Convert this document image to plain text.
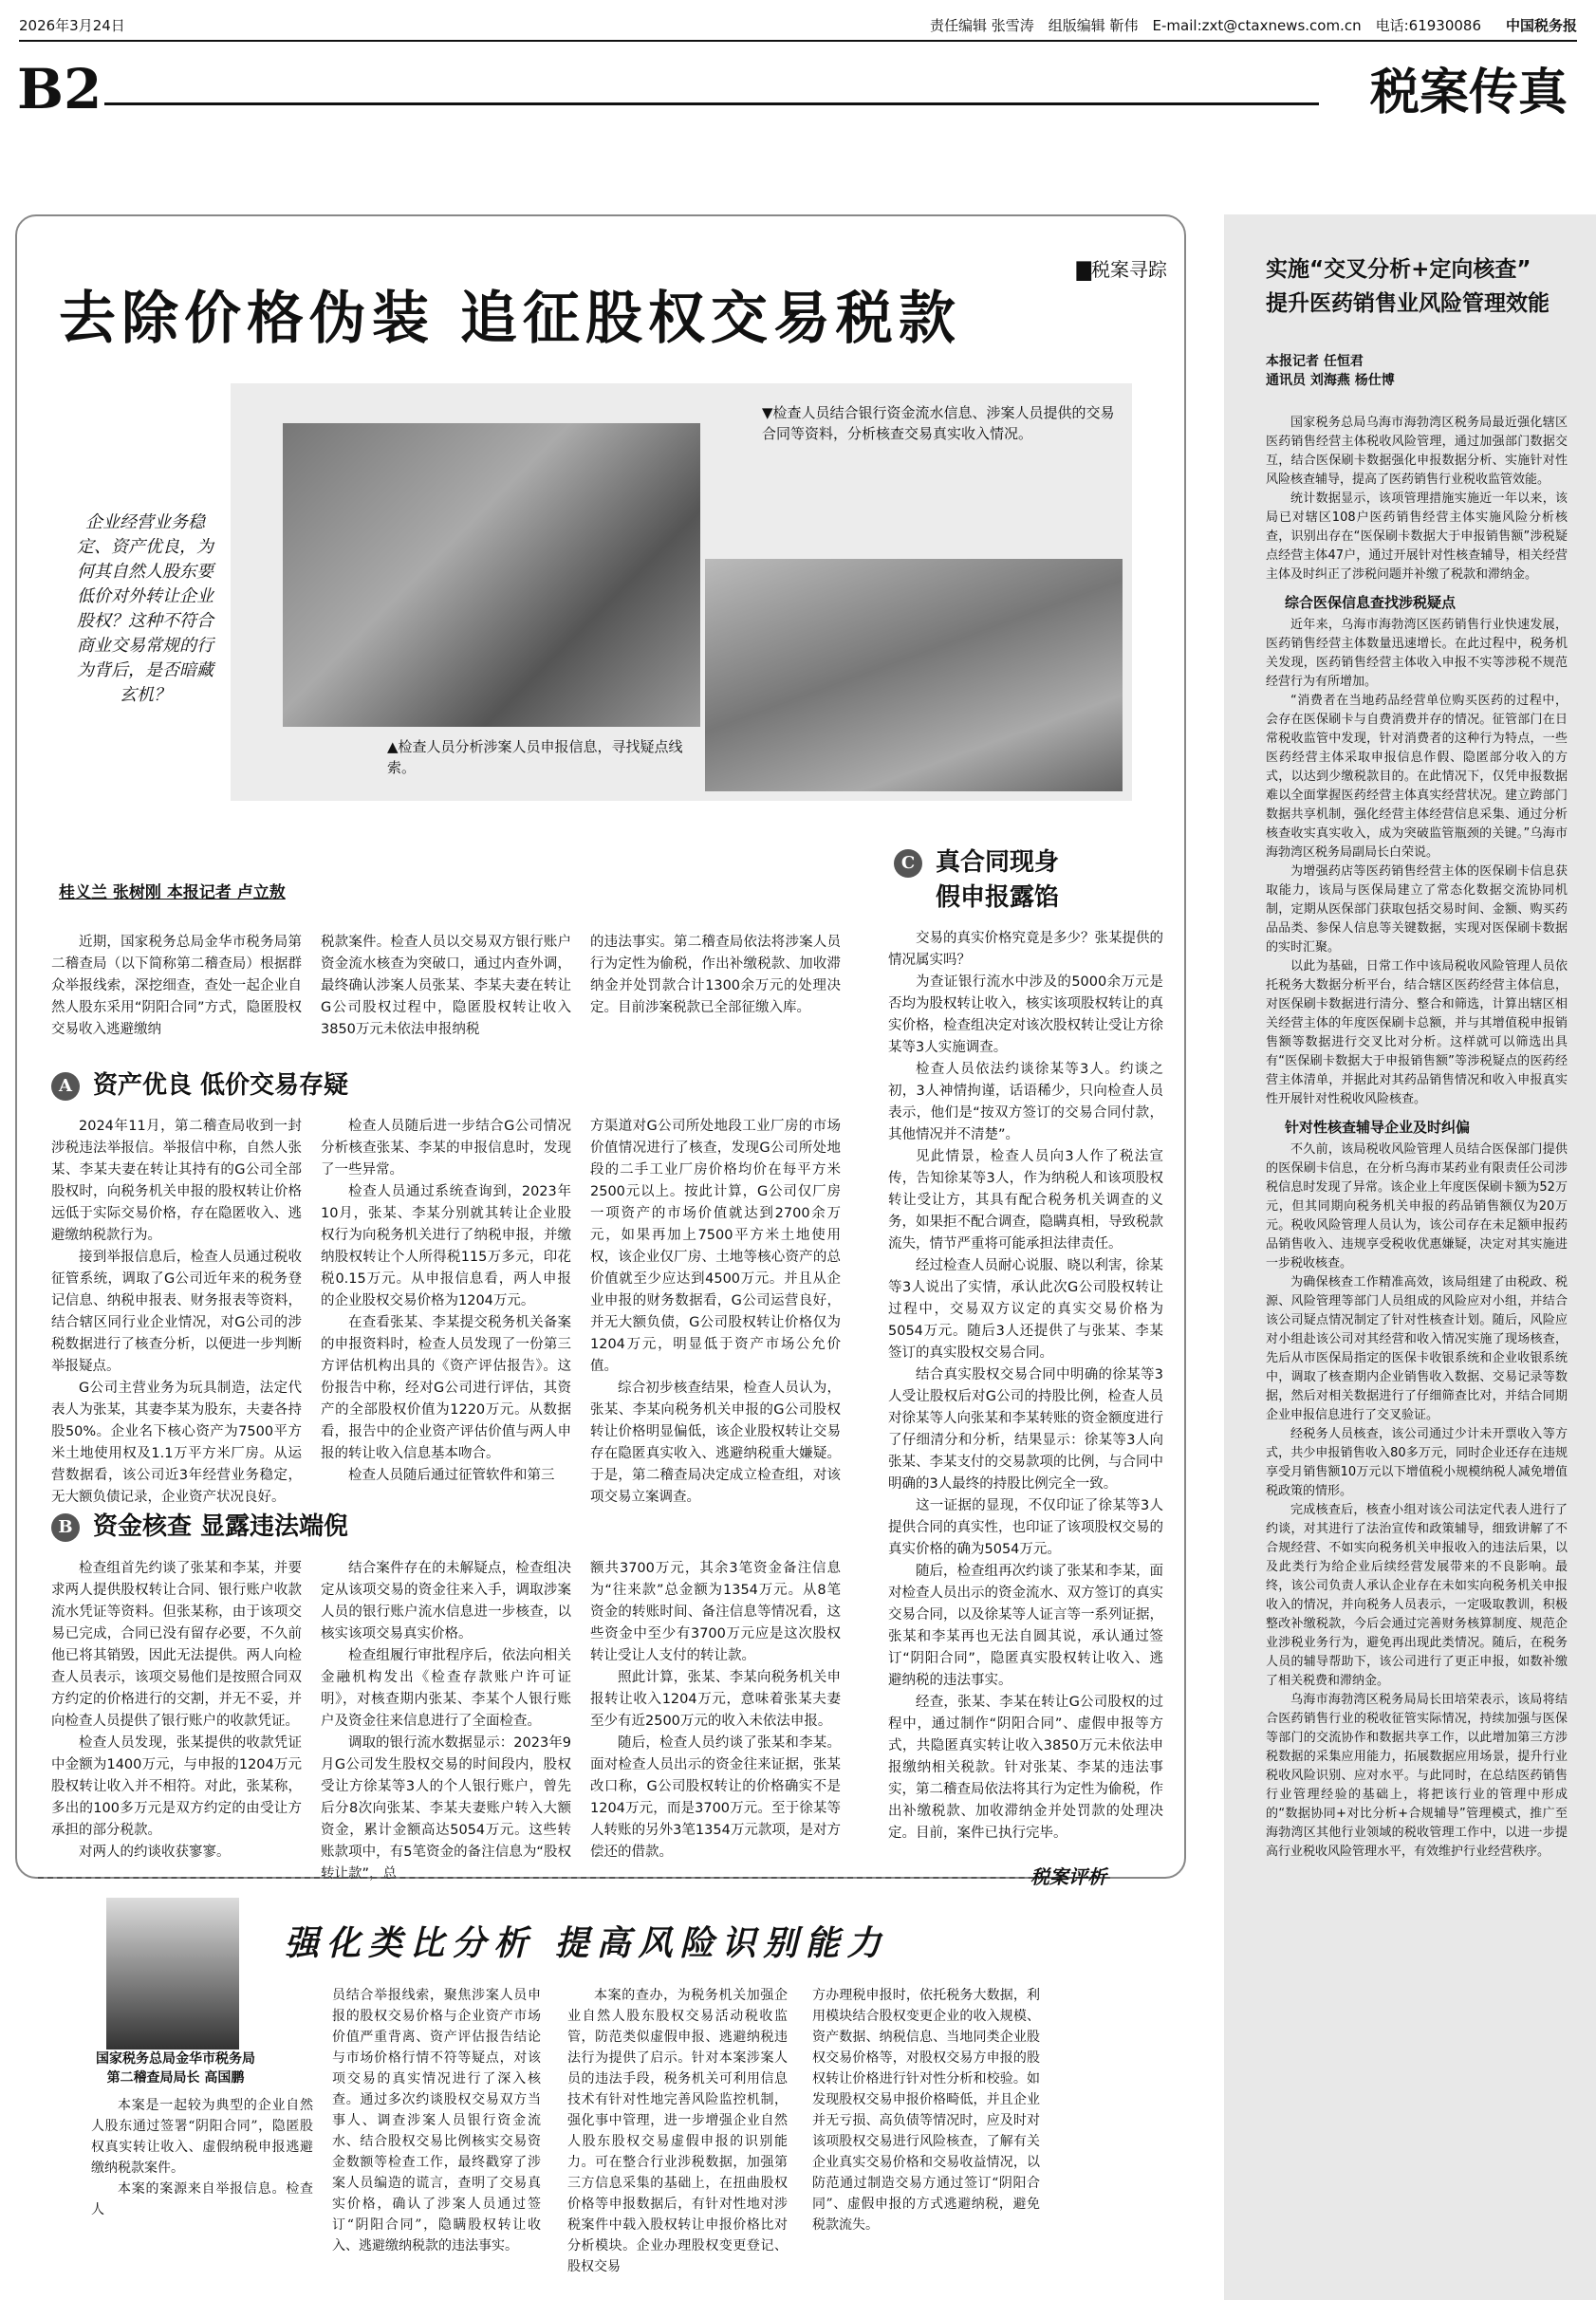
2026年3月24日	责任编辑 张雪涛　组版编辑 靳伟　E-mail:zxt@ctaxnews.com.cn　电话:61930086 中国税务报
B2	税案传真
▇税案寻踪
去除价格伪装 追征股权交易税款
▼检查人员结合银行资金流水信息、涉案人员提供的交易合同等资料，分析核查交易真实收入情况。
▲检查人员分析涉案人员申报信息，寻找疑点线索。
企业经营业务稳定、资产优良，为何其自然人股东要低价对外转让企业股权？这种不符合商业交易常规的行为背后，是否暗藏玄机？
桂义兰 张树刚 本报记者 卢立敖

近期，国家税务总局金华市税务局第二稽查局（以下简称第二稽查局）根据群众举报线索，深挖细查，查处一起企业自然人股东采用“阴阳合同”方式，隐匿股权交易收入逃避缴纳

税款案件。检查人员以交易双方银行账户资金流水核查为突破口，通过内查外调，最终确认涉案人员张某、李某夫妻在转让G公司股权过程中，隐匿股权转让收入3850万元未依法申报纳税

的违法事实。第二稽查局依法将涉案人员行为定性为偷税，作出补缴税款、加收滞纳金并处罚款合计1300余万元的处理决定。目前涉案税款已全部征缴入库。

A 资产优良 低价交易存疑

2024年11月，第二稽查局收到一封涉税违法举报信。举报信中称，自然人张某、李某夫妻在转让其持有的G公司全部股权时，向税务机关申报的股权转让价格远低于实际交易价格，存在隐匿收入、逃避缴纳税款行为。

接到举报信息后，检查人员通过税收征管系统，调取了G公司近年来的税务登记信息、纳税申报表、财务报表等资料，结合辖区同行业企业情况，对G公司的涉税数据进行了核查分析，以便进一步判断举报疑点。

G公司主营业务为玩具制造，法定代表人为张某，其妻李某为股东，夫妻各持股50%。企业名下核心资产为7500平方米土地使用权及1.1万平方米厂房。从运营数据看，该公司近3年经营业务稳定，无大额负债记录，企业资产状况良好。

检查人员随后进一步结合G公司情况分析核查张某、李某的申报信息时，发现了一些异常。

检查人员通过系统查询到，2023年10月，张某、李某分别就其转让企业股权行为向税务机关进行了纳税申报，并缴纳股权转让个人所得税115万多元，印花税0.15万元。从申报信息看，两人申报的企业股权交易价格为1204万元。

在查看张某、李某提交税务机关备案的申报资料时，检查人员发现了一份第三方评估机构出具的《资产评估报告》。这份报告中称，经对G公司进行评估，其资产的全部股权价值为1220万元。从数据看，报告中的企业资产评估价值与两人申报的转让收入信息基本吻合。

检查人员随后通过征管软件和第三

方渠道对G公司所处地段工业厂房的市场价值情况进行了核查，发现G公司所处地段的二手工业厂房价格均价在每平方米2500元以上。按此计算，G公司仅厂房一项资产的市场价值就达到2700余万元，如果再加上7500平方米土地使用权，该企业仅厂房、土地等核心资产的总价值就至少应达到4500万元。并且从企业申报的财务数据看，G公司运营良好，并无大额负债，G公司股权转让价格仅为1204万元，明显低于资产市场公允价值。

综合初步核查结果，检查人员认为，张某、李某向税务机关申报的G公司股权转让价格明显偏低，该企业股权转让交易存在隐匿真实收入、逃避纳税重大嫌疑。于是，第二稽查局决定成立检查组，对该项交易立案调查。

B 资金核查 显露违法端倪

检查组首先约谈了张某和李某，并要求两人提供股权转让合同、银行账户收款流水凭证等资料。但张某称，由于该项交易已完成，合同已没有留存必要，不久前他已将其销毁，因此无法提供。两人向检查人员表示，该项交易他们是按照合同双方约定的价格进行的交割，并无不妥，并向检查人员提供了银行账户的收款凭证。

检查人员发现，张某提供的收款凭证中金额为1400万元，与申报的1204万元股权转让收入并不相符。对此，张某称，多出的100多万元是双方约定的由受让方承担的部分税款。

对两人的约谈收获寥寥。

结合案件存在的未解疑点，检查组决定从该项交易的资金往来入手，调取涉案人员的银行账户流水信息进一步核查，以核实该项交易真实价格。

检查组履行审批程序后，依法向相关金融机构发出《检查存款账户许可证明》，对核查期内张某、李某个人银行账户及资金往来信息进行了全面检查。

调取的银行流水数据显示：2023年9月G公司发生股权交易的时间段内，股权受让方徐某等3人的个人银行账户，曾先后分8次向张某、李某夫妻账户转入大额资金，累计金额高达5054万元。这些转账款项中，有5笔资金的备注信息为“股权转让款”，总

额共3700万元，其余3笔资金备注信息为“往来款”总金额为1354万元。从8笔资金的转账时间、备注信息等情况看，这些资金中至少有3700万元应是这次股权转让受让人支付的转让款。

照此计算，张某、李某向税务机关申报转让收入1204万元，意味着张某夫妻至少有近2500万元的收入未依法申报。

随后，检查人员约谈了张某和李某。面对检查人员出示的资金往来证据，张某改口称，G公司股权转让的价格确实不是1204万元，而是3700万元。至于徐某等人转账的另外3笔1354万元款项，是对方偿还的借款。

C 真合同现身
假申报露馅

交易的真实价格究竟是多少？张某提供的情况属实吗？

为查证银行流水中涉及的5000余万元是否均为股权转让收入，核实该项股权转让的真实价格，检查组决定对该次股权转让受让方徐某等3人实施调查。

检查人员依法约谈徐某等3人。约谈之初，3人神情拘谨，话语稀少，只向检查人员表示，他们是“按双方签订的交易合同付款，其他情况并不清楚”。

见此情景，检查人员向3人作了税法宣传，告知徐某等3人，作为纳税人和该项股权转让受让方，其具有配合税务机关调查的义务，如果拒不配合调查，隐瞒真相，导致税款流失，情节严重将可能承担法律责任。

经过检查人员耐心说服、晓以利害，徐某等3人说出了实情，承认此次G公司股权转让过程中，交易双方议定的真实交易价格为5054万元。随后3人还提供了与张某、李某签订的真实股权交易合同。

结合真实股权交易合同中明确的徐某等3人受让股权后对G公司的持股比例，检查人员对徐某等人向张某和李某转账的资金额度进行了仔细清分和分析，结果显示：徐某等3人向张某、李某支付的交易款项的比例，与合同中明确的3人最终的持股比例完全一致。

这一证据的显现，不仅印证了徐某等3人提供合同的真实性，也印证了该项股权交易的真实价格的确为5054万元。

随后，检查组再次约谈了张某和李某，面对检查人员出示的资金流水、双方签订的真实交易合同，以及徐某等人证言等一系列证据，张某和李某再也无法自圆其说，承认通过签订“阴阳合同”，隐匿真实股权转让收入、逃避纳税的违法事实。

经查，张某、李某在转让G公司股权的过程中，通过制作“阴阳合同”、虚假申报等方式，共隐匿真实转让收入3850万元未依法申报缴纳相关税款。针对张某、李某的违法事实，第二稽查局依法将其行为定性为偷税，作出补缴税款、加收滞纳金并处罚款的处理决定。目前，案件已执行完毕。

税案评析
强化类比分析 提高风险识别能力
国家税务总局金华市税务局第二稽查局局长 高国鹏

本案是一起较为典型的企业自然人股东通过签署“阴阳合同”，隐匿股权真实转让收入、虚假纳税申报逃避缴纳税款案件。

本案的案源来自举报信息。检查人

员结合举报线索，聚焦涉案人员申报的股权交易价格与企业资产市场价值严重背离、资产评估报告结论与市场价格行情不符等疑点，对该项交易的真实情况进行了深入核查。通过多次约谈股权交易双方当事人、调查涉案人员银行资金流水、结合股权交易比例核实交易资金数额等检查工作，最终戳穿了涉案人员编造的谎言，查明了交易真实价格，确认了涉案人员通过签订“阴阳合同”，隐瞒股权转让收入、逃避缴纳税款的违法事实。

本案的查办，为税务机关加强企业自然人股东股权交易活动税收监管，防范类似虚假申报、逃避纳税违法行为提供了启示。针对本案涉案人员的违法手段，税务机关可利用信息技术有针对性地完善风险监控机制，强化事中管理，进一步增强企业自然人股东股权交易虚假申报的识别能力。可在整合行业涉税数据，加强第三方信息采集的基础上，在扭曲股权价格等申报数据后，有针对性地对涉税案件中载入股权转让申报价格比对分析模块。企业办理股权变更登记、股权交易

方办理税申报时，依托税务大数据，利用模块结合股权变更企业的收入规模、资产数据、纳税信息、当地同类企业股权交易价格等，对股权交易方申报的股权转让价格进行针对性分析和校验。如发现股权交易申报价格畸低，并且企业并无亏损、高负债等情况时，应及时对该项股权交易进行风险核查，了解有关企业真实交易价格和交易收益情况，以防范通过制造交易方通过签订“阴阳合同”、虚假申报的方式逃避纳税，避免税款流失。

实施“交叉分析+定向核查”
提升医药销售业风险管理效能
本报记者 任恒君
通讯员 刘海燕 杨仕博

国家税务总局乌海市海勃湾区税务局最近强化辖区医药销售经营主体税收风险管理，通过加强部门数据交互，结合医保刷卡数据强化申报数据分析、实施针对性风险核查辅导，提高了医药销售行业税收监管效能。

统计数据显示，该项管理措施实施近一年以来，该局已对辖区108户医药销售经营主体实施风险分析核查，识别出存在“医保刷卡数据大于申报销售额”涉税疑点经营主体47户，通过开展针对性核查辅导，相关经营主体及时纠正了涉税问题并补缴了税款和滞纳金。

综合医保信息查找涉税疑点

近年来，乌海市海勃湾区医药销售行业快速发展，医药销售经营主体数量迅速增长。在此过程中，税务机关发现，医药销售经营主体收入申报不实等涉税不规范经营行为有所增加。

“消费者在当地药品经营单位购买医药的过程中，会存在医保刷卡与自费消费并存的情况。征管部门在日常税收监管中发现，针对消费者的这种行为特点，一些医药经营主体采取申报信息作假、隐匿部分收入的方式，以达到少缴税款目的。在此情况下，仅凭申报数据难以全面掌握医药经营主体真实经营状况。建立跨部门数据共享机制，强化经营主体经营信息采集、通过分析核查收实真实收入，成为突破监管瓶颈的关键。”乌海市海勃湾区税务局副局长白荣说。

为增强药店等医药销售经营主体的医保刷卡信息获取能力，该局与医保局建立了常态化数据交流协同机制，定期从医保部门获取包括交易时间、金额、购买药品品类、参保人信息等关键数据，实现对医保刷卡数据的实时汇聚。

以此为基础，日常工作中该局税收风险管理人员依托税务大数据分析平台，结合辖区医药经营主体信息，对医保刷卡数据进行清分、整合和筛选，计算出辖区相关经营主体的年度医保刷卡总额，并与其增值税申报销售额等数据进行交叉比对分析。这样就可以筛选出具有“医保刷卡数据大于申报销售额”等涉税疑点的医药经营主体清单，并据此对其药品销售情况和收入申报真实性开展针对性税收风险核查。

针对性核查辅导企业及时纠偏

不久前，该局税收风险管理人员结合医保部门提供的医保刷卡信息，在分析乌海市某药业有限责任公司涉税信息时发现了异常。该企业上年度医保刷卡额为52万元，但其同期向税务机关申报的药品销售额仅为20万元。税收风险管理人员认为，该公司存在未足额申报药品销售收入、违规享受税收优惠嫌疑，决定对其实施进一步税收核查。

为确保核查工作精准高效，该局组建了由税政、税源、风险管理等部门人员组成的风险应对小组，并结合该公司疑点情况制定了针对性核查计划。随后，风险应对小组赴该公司对其经营和收入情况实施了现场核查，先后从市医保局指定的医保卡收银系统和企业收银系统中，调取了核查期内企业销售收入数据、交易记录等数据，然后对相关数据进行了仔细筛查比对，并结合同期企业申报信息进行了交叉验证。

经税务人员核查，该公司通过少计未开票收入等方式，共少申报销售收入80多万元，同时企业还存在违规享受月销售额10万元以下增值税小规模纳税人减免增值税政策的情形。

完成核查后，核查小组对该公司法定代表人进行了约谈，对其进行了法治宣传和政策辅导，细致讲解了不合规经营、不如实向税务机关申报收入的违法后果，以及此类行为给企业后续经营发展带来的不良影响。最终，该公司负责人承认企业存在未如实向税务机关申报收入的情况，并向税务人员表示，一定吸取教训，积极整改补缴税款，今后会通过完善财务核算制度、规范企业涉税业务行为，避免再出现此类情况。随后，在税务人员的辅导帮助下，该公司进行了更正申报，如数补缴了相关税费和滞纳金。

乌海市海勃湾区税务局局长田培荣表示，该局将结合医药销售行业的税收征管实际情况，持续加强与医保等部门的交流协作和数据共享工作，以此增加第三方涉税数据的采集应用能力，拓展数据应用场景，提升行业税收风险识别、应对水平。与此同时，在总结医药销售行业管理经验的基础上，将把该行业的管理中形成的“数据协同+对比分析+合规辅导”管理模式，推广至海勃湾区其他行业领域的税收管理工作中，以进一步提高行业税收风险管理水平，有效维护行业经营秩序。
